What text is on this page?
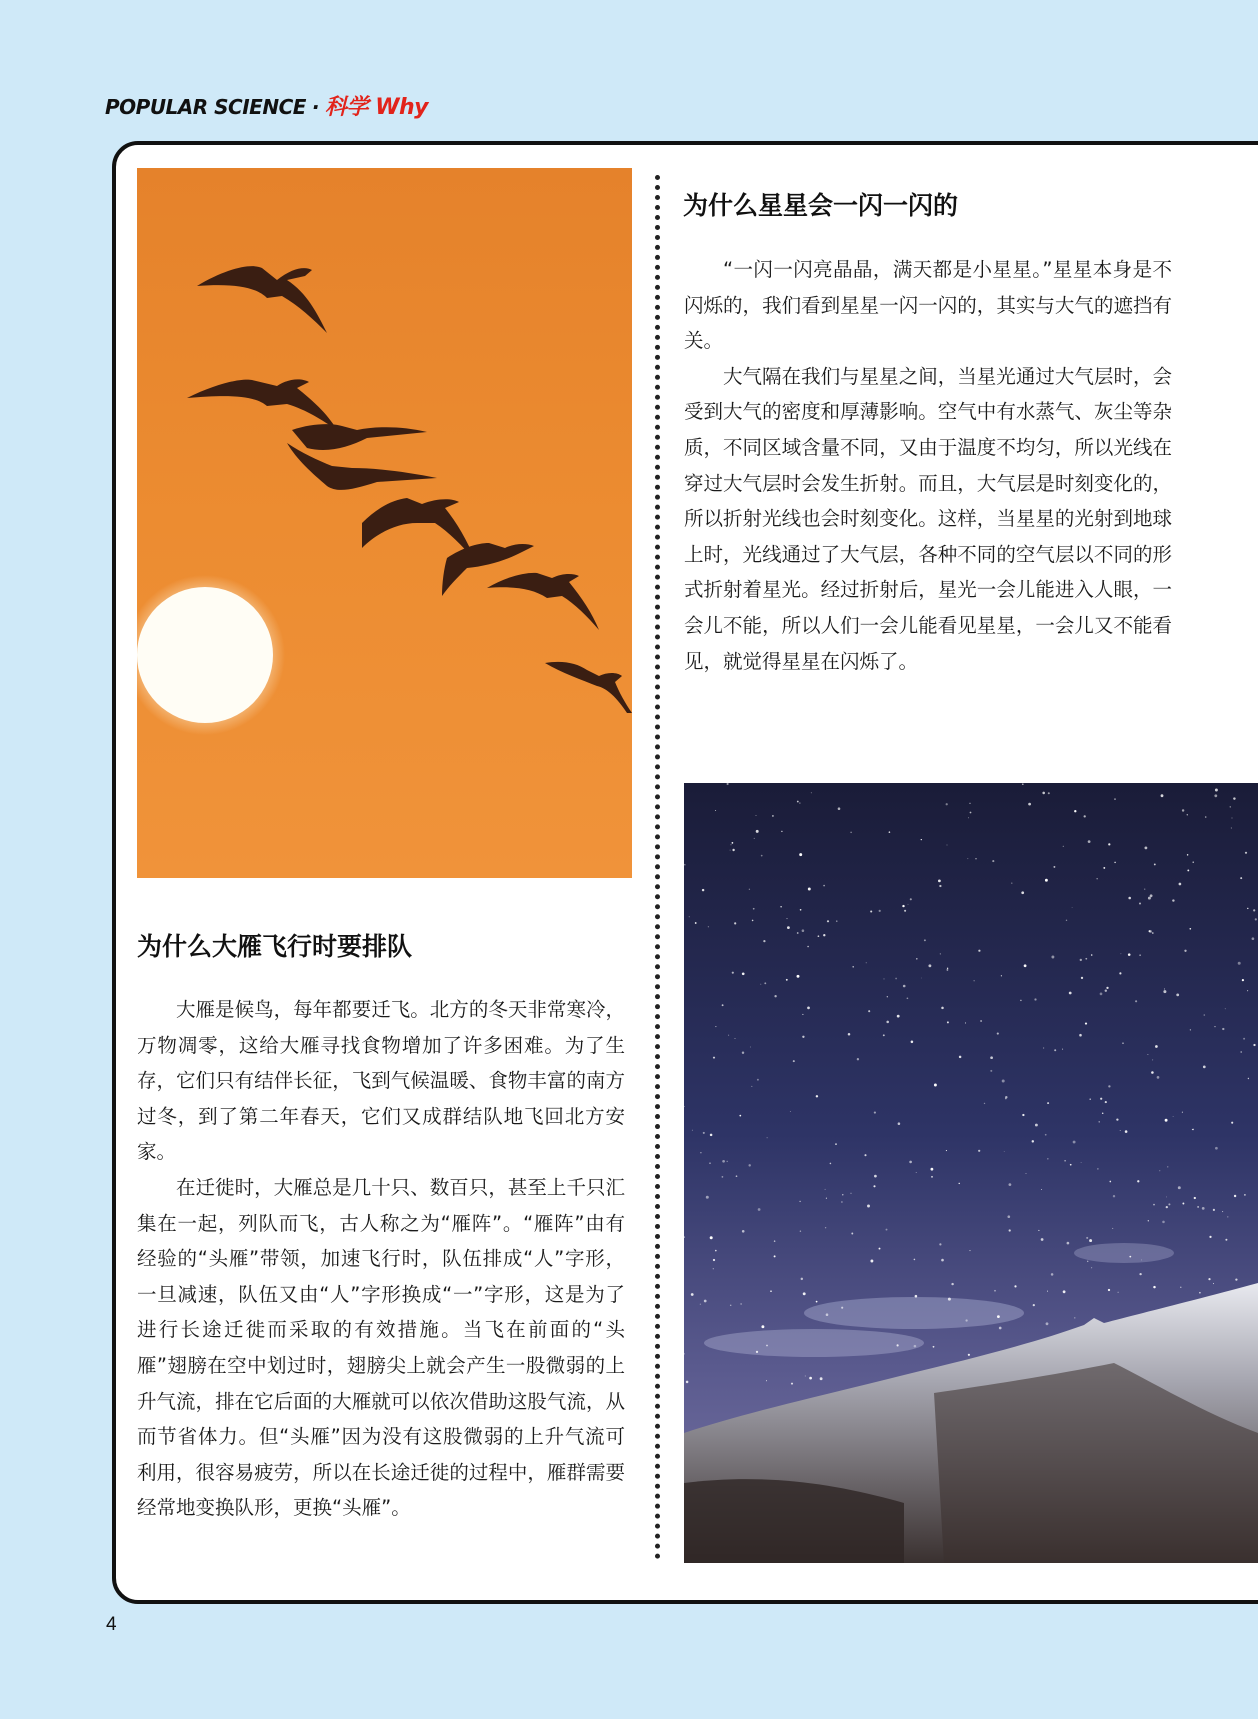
POPULAR SCIENCE · 科学 Why
为什么星星会一闪一闪的

“一闪一闪亮晶晶，满天都是小星星。”星星本身是不闪烁的，我们看到星星一闪一闪的，其实与大气的遮挡有关。

大气隔在我们与星星之间，当星光通过大气层时，会受到大气的密度和厚薄影响。空气中有水蒸气、灰尘等杂质，不同区域含量不同，又由于温度不均匀，所以光线在穿过大气层时会发生折射。而且，大气层是时刻变化的，所以折射光线也会时刻变化。这样，当星星的光射到地球上时，光线通过了大气层，各种不同的空气层以不同的形式折射着星光。经过折射后，星光一会儿能进入人眼，一会儿不能，所以人们一会儿能看见星星，一会儿又不能看见，就觉得星星在闪烁了。

为什么大雁飞行时要排队

大雁是候鸟，每年都要迁飞。北方的冬天非常寒冷，万物凋零，这给大雁寻找食物增加了许多困难。为了生存，它们只有结伴长征，飞到气候温暖、食物丰富的南方过冬，到了第二年春天，它们又成群结队地飞回北方安家。

在迁徙时，大雁总是几十只、数百只，甚至上千只汇集在一起，列队而飞，古人称之为“雁阵”。“雁阵”由有经验的“头雁”带领，加速飞行时，队伍排成“人”字形，一旦减速，队伍又由“人”字形换成“一”字形，这是为了进行长途迁徙而采取的有效措施。当飞在前面的“头雁”翅膀在空中划过时，翅膀尖上就会产生一股微弱的上升气流，排在它后面的大雁就可以依次借助这股气流，从而节省体力。但“头雁”因为没有这股微弱的上升气流可利用，很容易疲劳，所以在长途迁徙的过程中，雁群需要经常地变换队形，更换“头雁”。

4
